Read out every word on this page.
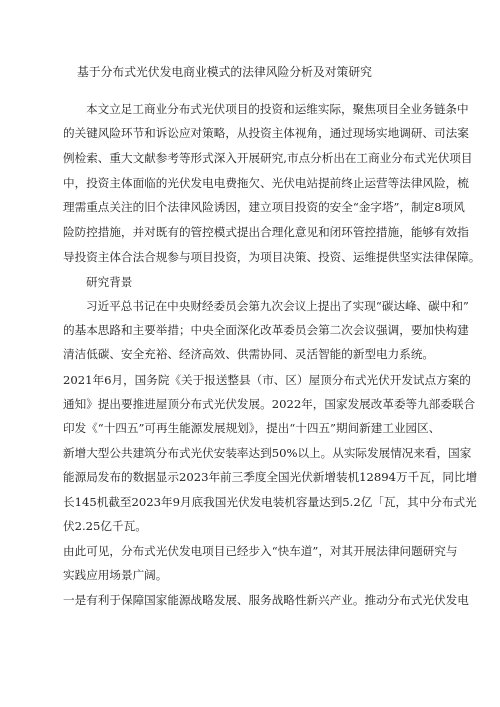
基于分布式光伏发电商业模式的法律风险分析及对策研究
本文立足工商业分布式光伏项目的投资和运维实际，聚焦项目全业务链条中
的关键风险环节和诉讼应对策略，从投资主体视角，通过现场实地调研、司法案
例检索、重大文献参考等形式深入开展研究,市点分析出在工商业分布式光伏项目
中，投资主体面临的光伏发电电费拖欠、光伏电站提前终止运营等法律风险，梳
理需重点关注的旧个法律风险诱因，建立项目投资的安全“金字塔”，制定8项风
险防控措施，并对既有的管控模式提出合理化意见和闭环管控措施，能够有效指
导投资主体合法合规参与项目投资，为项目决策、投资、运维提供坚实法律保障。
研究背景
习近平总书记在中央财经委员会第九次会议上提出了实现“碳达峰、碳中和”
的基本思路和主要举措；中央全面深化改革委员会第二次会议强调，要加快构建
清洁低碳、安全充裕、经济高效、供需协同、灵活智能的新型电力系统。
2021年6月，国务院《关于报送整县（市、区）屋顶分布式光伏开发试点方案的
通知》提出要推进屋顶分布式光伏发展。2022年，国家发展改革委等九部委联合
印发《“十四五”可再生能源发展规划》，提出“十四五”期间新建工业园区、
新增大型公共建筑分布式光伏安装率达到50%以上。从实际发展情况来看，国家
能源局发布的数据显示2023年前三季度全国光伏新增装机12894万千瓦，同比增
长145机截至2023年9月底我国光伏发电装机容量达到5.2亿「瓦，其中分布式光
伏2.25亿千瓦。
由此可见，分布式光伏发电项目已经步入“快车道”，对其开展法律问题研究与
实践应用场景广阔。
一是有利于保障国家能源战略发展、服务战略性新兴产业。推动分布式光伏发电
